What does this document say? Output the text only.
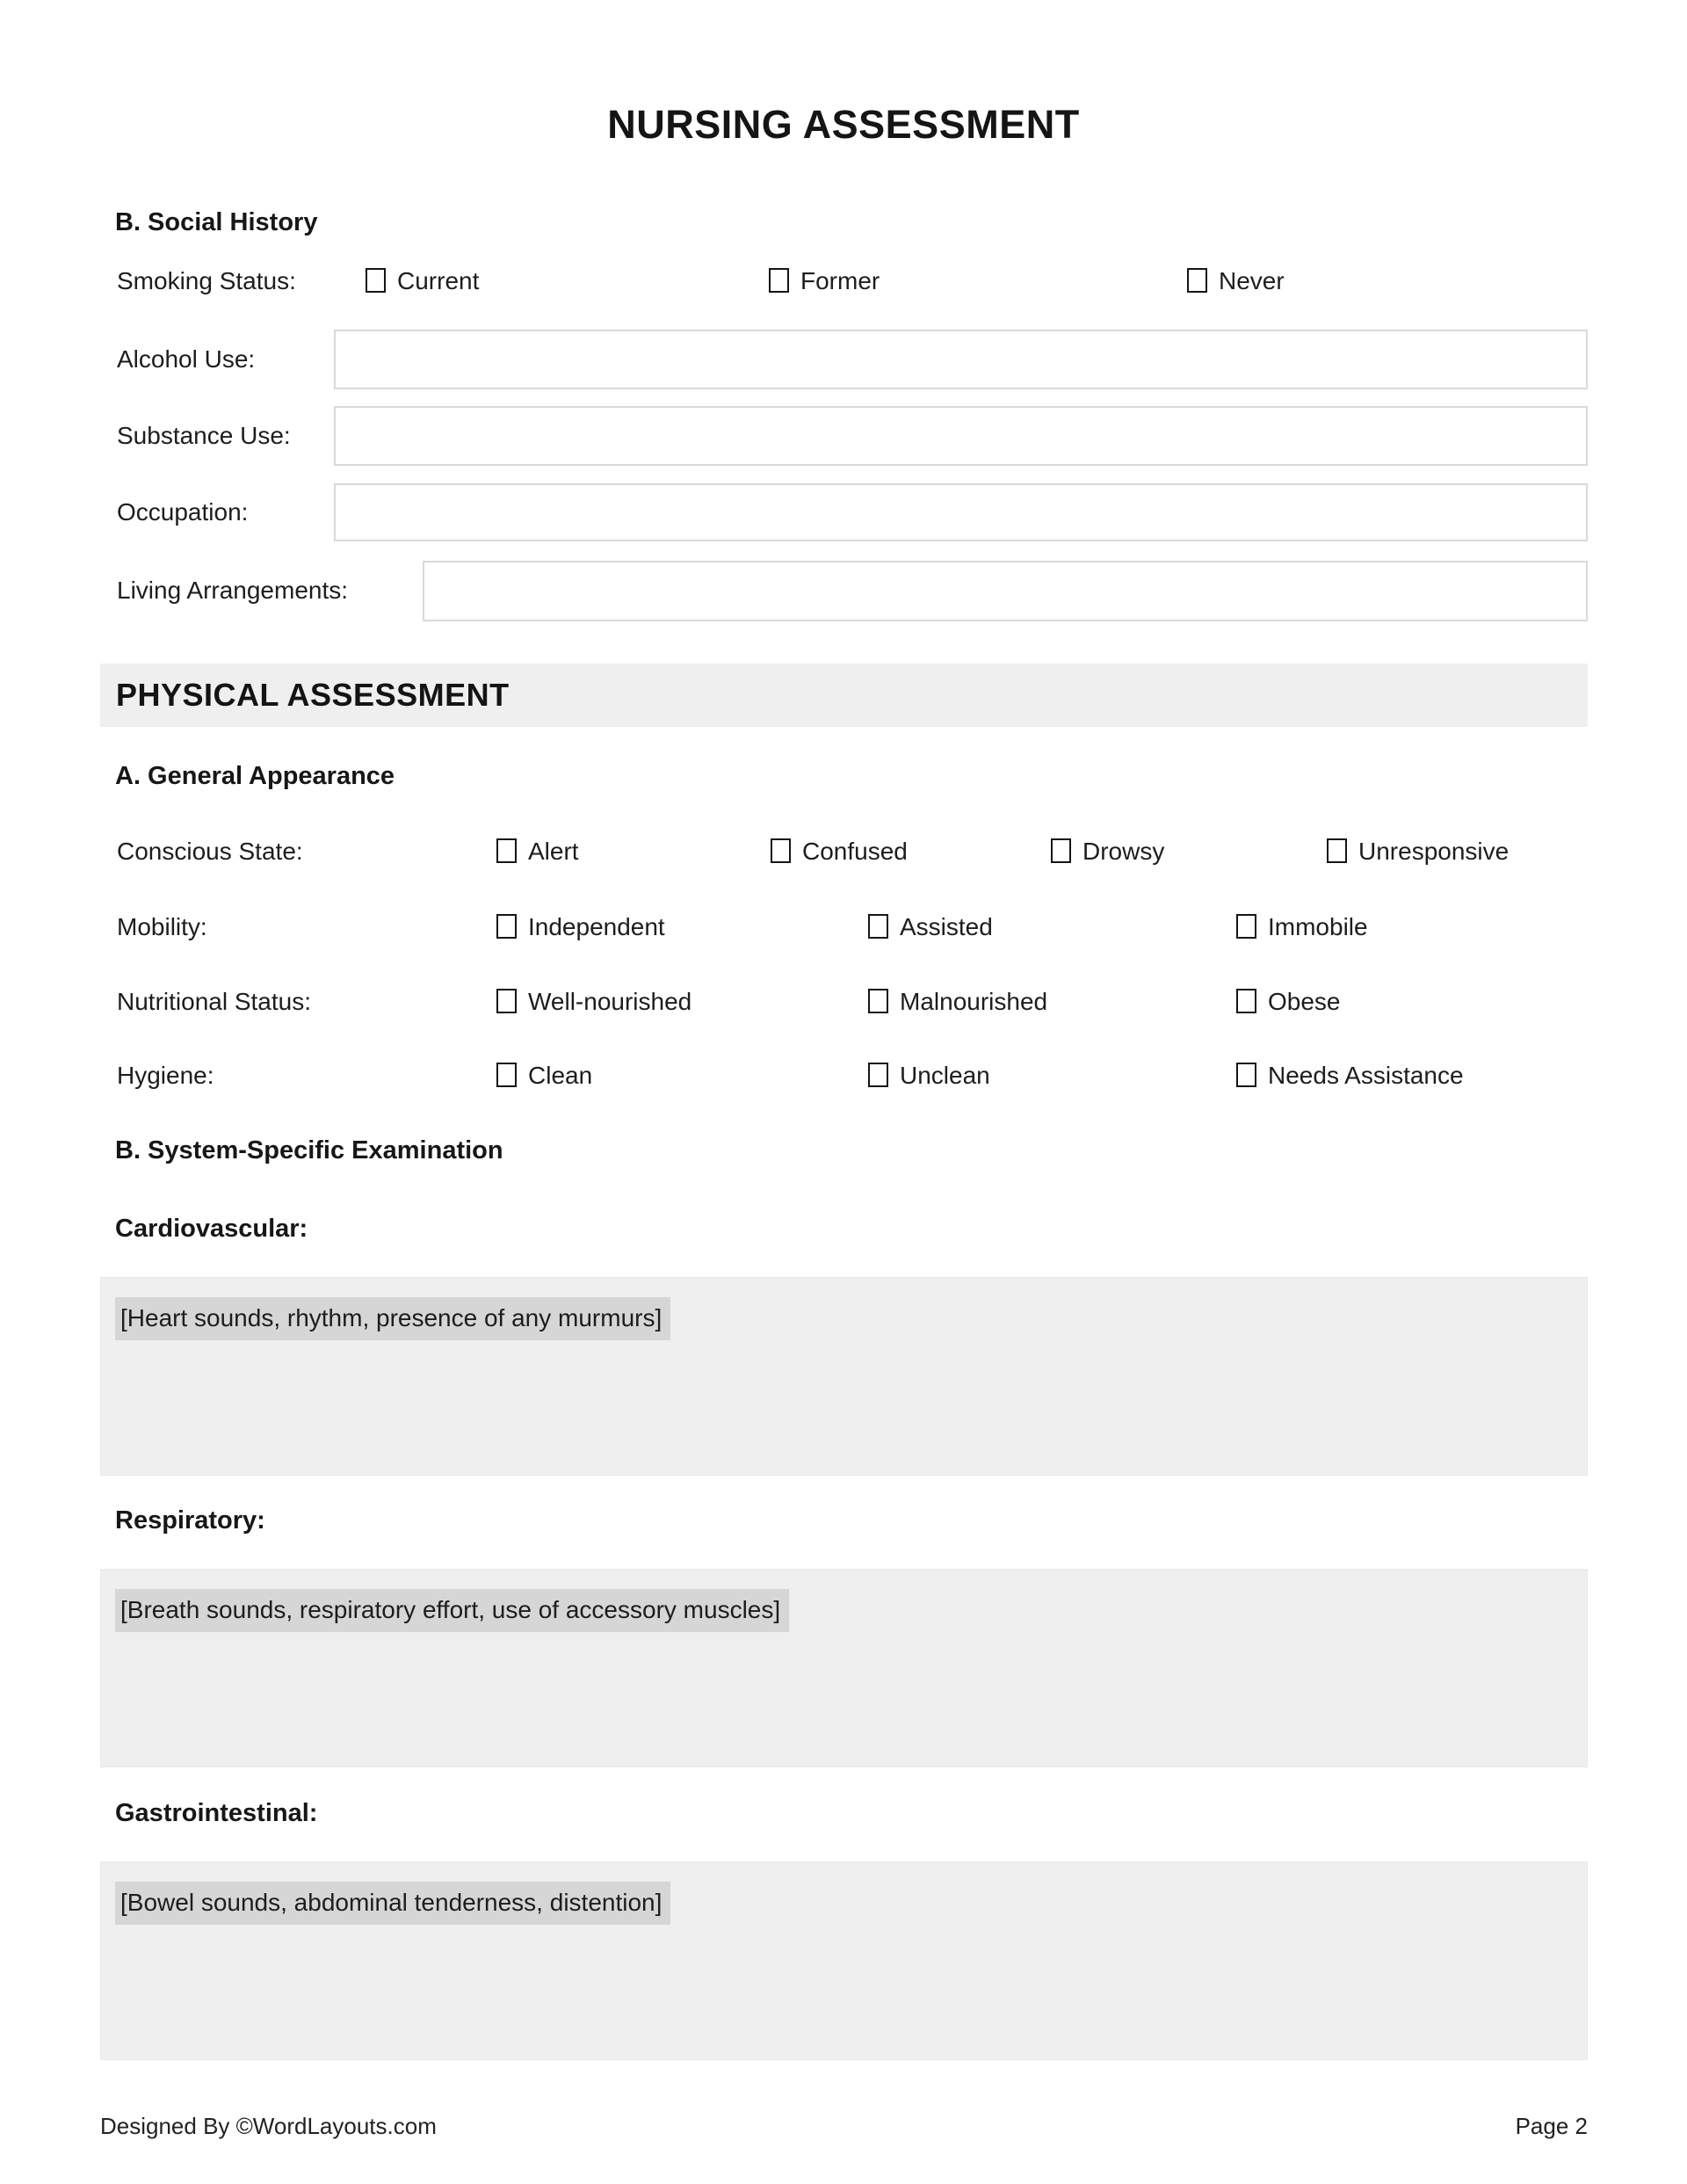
NURSING ASSESSMENT
B. Social History
Smoking Status:	Current	Former	Never
Alcohol Use:
Substance Use:
Occupation:
Living Arrangements:
PHYSICAL ASSESSMENT
A. General Appearance
Conscious State:	Alert	Confused	Drowsy	Unresponsive
Mobility:	Independent	Assisted	Immobile
Nutritional Status:	Well-nourished	Malnourished	Obese
Hygiene:	Clean	Unclean	Needs Assistance
B. System-Specific Examination
Cardiovascular:
[Heart sounds, rhythm, presence of any murmurs]
Respiratory:
[Breath sounds, respiratory effort, use of accessory muscles]
Gastrointestinal:
[Bowel sounds, abdominal tenderness, distention]
Designed By ©WordLayouts.com	Page 2
